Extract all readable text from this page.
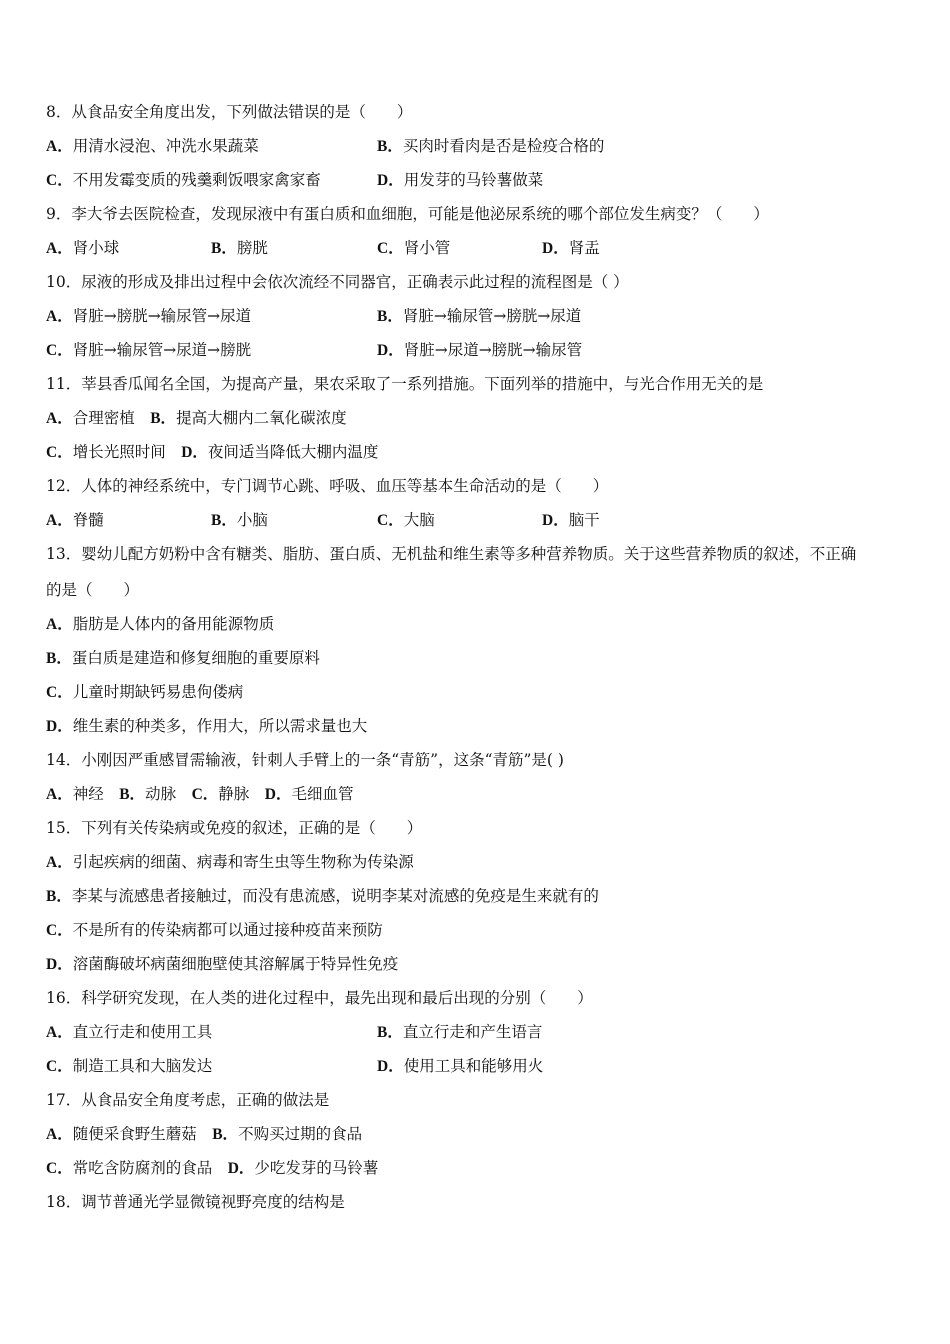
8．从食品安全角度出发，下列做法错误的是（　　）
A．用清水浸泡、冲洗水果蔬菜	B．买肉时看肉是否是检疫合格的
C．不用发霉变质的残羹剩饭喂家禽家畜	D．用发芽的马铃薯做菜
9．李大爷去医院检查，发现尿液中有蛋白质和血细胞，可能是他泌尿系统的哪个部位发生病变？（　　）
A．肾小球	B．膀胱	C．肾小管	D．肾盂
10．尿液的形成及排出过程中会依次流经不同器官，正确表示此过程的流程图是（ ）
A．肾脏→膀胱→输尿管→尿道	B．肾脏→输尿管→膀胱→尿道
C．肾脏→输尿管→尿道→膀胱	D．肾脏→尿道→膀胱→输尿管
11．莘县香瓜闻名全国，为提高产量，果农采取了一系列措施。下面列举的措施中，与光合作用无关的是
A．合理密植　B．提高大棚内二氧化碳浓度
C．增长光照时间　D．夜间适当降低大棚内温度
12．人体的神经系统中，专门调节心跳、呼吸、血压等基本生命活动的是（　　）
A．脊髓	B．小脑	C．大脑	D．脑干
13．婴幼儿配方奶粉中含有糖类、脂肪、蛋白质、无机盐和维生素等多种营养物质。关于这些营养物质的叙述，不正确
的是（　　）
A．脂肪是人体内的备用能源物质
B．蛋白质是建造和修复细胞的重要原料
C．儿童时期缺钙易患佝偻病
D．维生素的种类多，作用大，所以需求量也大
14．小刚因严重感冒需输液，针刺人手臂上的一条“青筋”，这条“青筋”是( )
A．神经　B．动脉　C．静脉　D．毛细血管
15．下列有关传染病或免疫的叙述，正确的是（　　）
A．引起疾病的细菌、病毒和寄生虫等生物称为传染源
B．李某与流感患者接触过，而没有患流感，说明李某对流感的免疫是生来就有的
C．不是所有的传染病都可以通过接种疫苗来预防
D．溶菌酶破坏病菌细胞壁使其溶解属于特异性免疫
16．科学研究发现，在人类的进化过程中，最先出现和最后出现的分别（　　）
A．直立行走和使用工具	B．直立行走和产生语言
C．制造工具和大脑发达	D．使用工具和能够用火
17．从食品安全角度考虑，正确的做法是
A．随便采食野生蘑菇　B．不购买过期的食品
C．常吃含防腐剂的食品　D．少吃发芽的马铃薯
18．调节普通光学显微镜视野亮度的结构是
